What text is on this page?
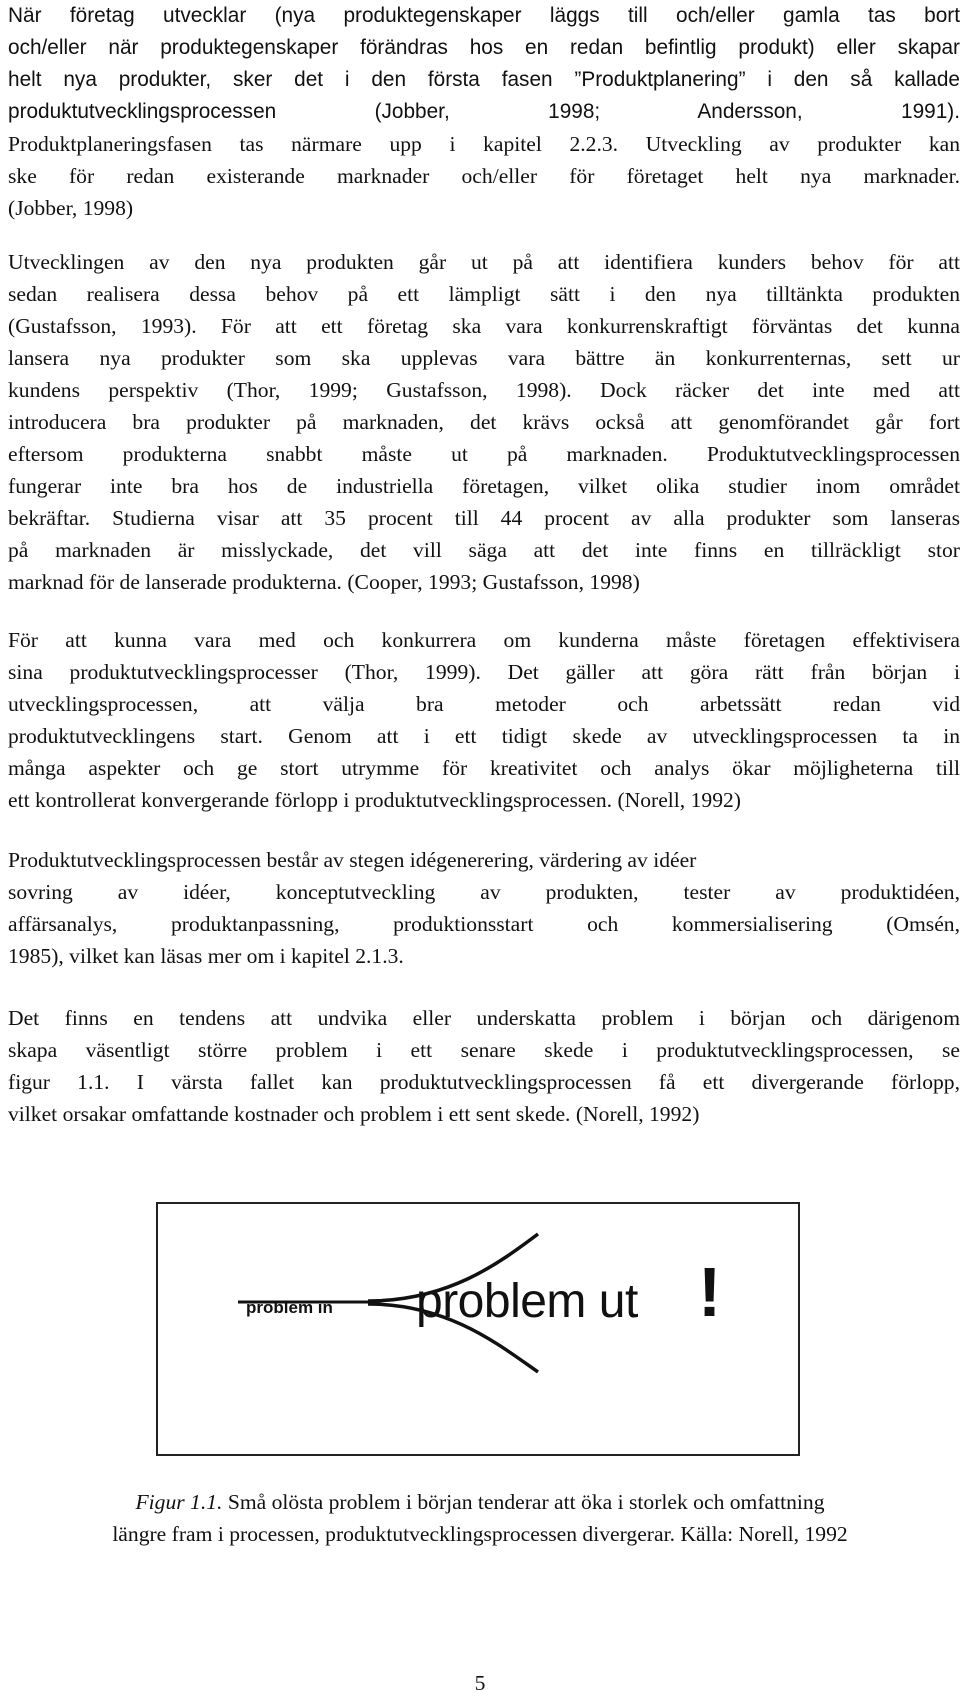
När företag utvecklar (nya produktegenskaper läggs till och/eller gamla tas bort
och/eller när produktegenskaper förändras hos en redan befintlig produkt) eller skapar
helt nya produkter, sker det i den första fasen ”Produktplanering” i den så kallade
produktutvecklingsprocessen (Jobber, 1998; Andersson, 1991).
Produktplaneringsfasen tas närmare upp i kapitel 2.2.3. Utveckling av produkter kan
ske för redan existerande marknader och/eller för företaget helt nya marknader.
(Jobber, 1998)

Utvecklingen av den nya produkten går ut på att identifiera kunders behov för att
sedan realisera dessa behov på ett lämpligt sätt i den nya tilltänkta produkten
(Gustafsson, 1993). För att ett företag ska vara konkurrenskraftigt förväntas det kunna
lansera nya produkter som ska upplevas vara bättre än konkurrenternas, sett ur
kundens perspektiv (Thor, 1999; Gustafsson, 1998). Dock räcker det inte med att
introducera bra produkter på marknaden, det krävs också att genomförandet går fort
eftersom produkterna snabbt måste ut på marknaden. Produktutvecklingsprocessen
fungerar inte bra hos de industriella företagen, vilket olika studier inom området
bekräftar. Studierna visar att 35 procent till 44 procent av alla produkter som lanseras
på marknaden är misslyckade, det vill säga att det inte finns en tillräckligt stor
marknad för de lanserade produkterna. (Cooper, 1993; Gustafsson, 1998)

För att kunna vara med och konkurrera om kunderna måste företagen effektivisera
sina produktutvecklingsprocesser (Thor, 1999). Det gäller att göra rätt från början i
utvecklingsprocessen, att välja bra metoder och arbetssätt redan vid
produktutvecklingens start. Genom att i ett tidigt skede av utvecklingsprocessen ta in
många aspekter och ge stort utrymme för kreativitet och analys ökar möjligheterna till
ett kontrollerat konvergerande förlopp i produktutvecklingsprocessen. (Norell, 1992)

Produktutvecklingsprocessen består av stegen idégenerering, värdering av idéer
sovring av idéer, konceptutveckling av produkten, tester av produktidéen,
affärsanalys, produktanpassning, produktionsstart och kommersialisering (Omsén,
1985), vilket kan läsas mer om i kapitel 2.1.3.

Det finns en tendens att undvika eller underskatta problem i början och därigenom
skapa väsentligt större problem i ett senare skede i produktutvecklingsprocessen, se
figur 1.1. I värsta fallet kan produktutvecklingsprocessen få ett divergerande förlopp,
vilket orsakar omfattande kostnader och problem i ett sent skede. (Norell, 1992)

problem in problem ut !
Figur 1.1. Små olösta problem i början tenderar att öka i storlek och omfattning
längre fram i processen, produktutvecklingsprocessen divergerar. Källa: Norell, 1992
5
